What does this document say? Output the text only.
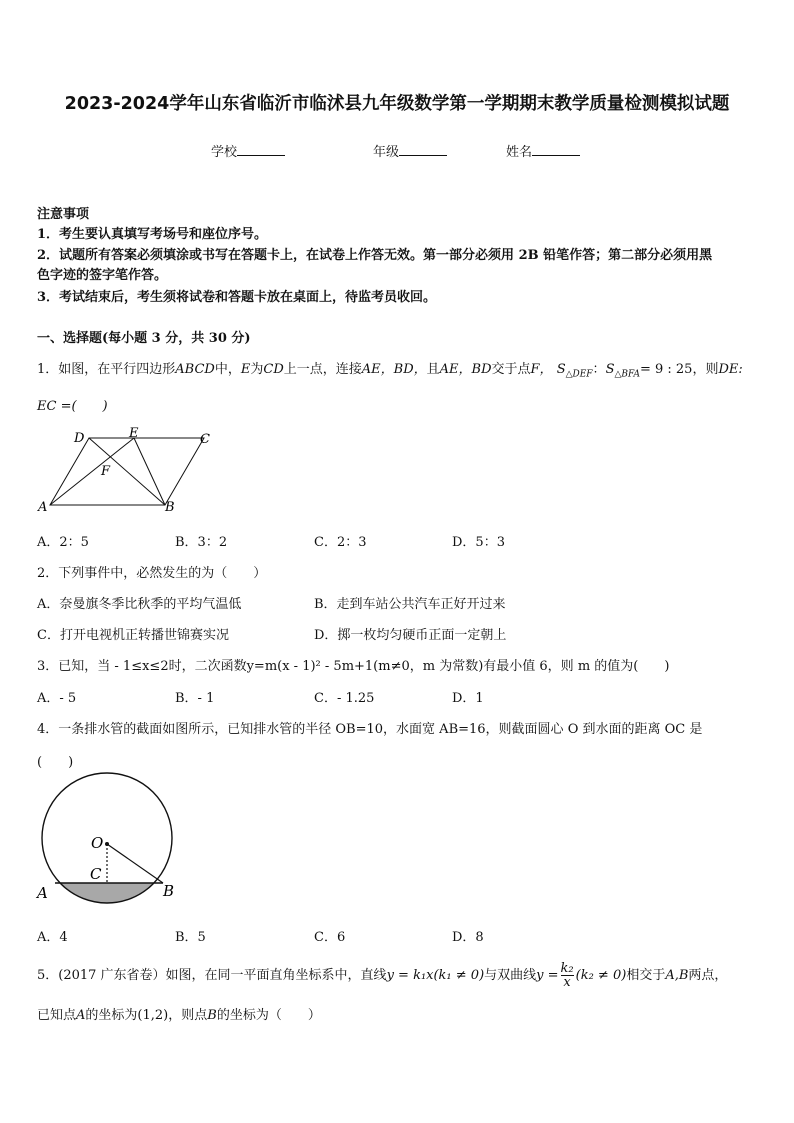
2023-2024学年山东省临沂市临沭县九年级数学第一学期期末教学质量检测模拟试题
学校	年级	姓名
注意事项
1．考生要认真填写考场号和座位序号。
2．试题所有答案必须填涂或书写在答题卡上，在试卷上作答无效。第一部分必须用 2B 铅笔作答；第二部分必须用黑
色字迹的签字笔作答。
3．考试结束后，考生须将试卷和答题卡放在桌面上，待监考员收回。
一、选择题(每小题 3 分，共 30 分)
1．如图，在平行四边形ABCD中，E为CD上一点，连接AE，BD，且AE，BD交于点F， $S_{\triangle DEF}$：$S_{\triangle BFA}= 9$ : 25，则DE:
EC =(　　)
A	B
C
D	E
F
A．2：5	B．3：2	C．2：3	D．5：3
2．下列事件中，必然发生的为（　　）
A．奈曼旗冬季比秋季的平均气温低	B．走到车站公共汽车正好开过来
C．打开电视机正转播世锦赛实况	D．掷一枚均匀硬币正面一定朝上
3．已知，当 - 1≤x≤2时，二次函数y=m(x - 1)² - 5m+1(m≠0，m 为常数)有最小值 6，则 m 的值为(　　)
A．- 5	B．- 1	C．- 1.25	D．1
4．一条排水管的截面如图所示，已知排水管的半径 OB=10，水面宽 AB=16，则截面圆心 O 到水面的距离 OC 是
(　　)
O
C
A	B
A．4	B．5	C．6	D．8
5．(2017 广东省卷）如图，在同一平面直角坐标系中，直线y = k₁x(k₁ ≠ 0)与双曲线$y = \frac{\text{k₂}}{x} (k_2 \ne 0)$相交于A,B两点，
已知点A的坐标为(1,2)，则点B的坐标为（　　）
